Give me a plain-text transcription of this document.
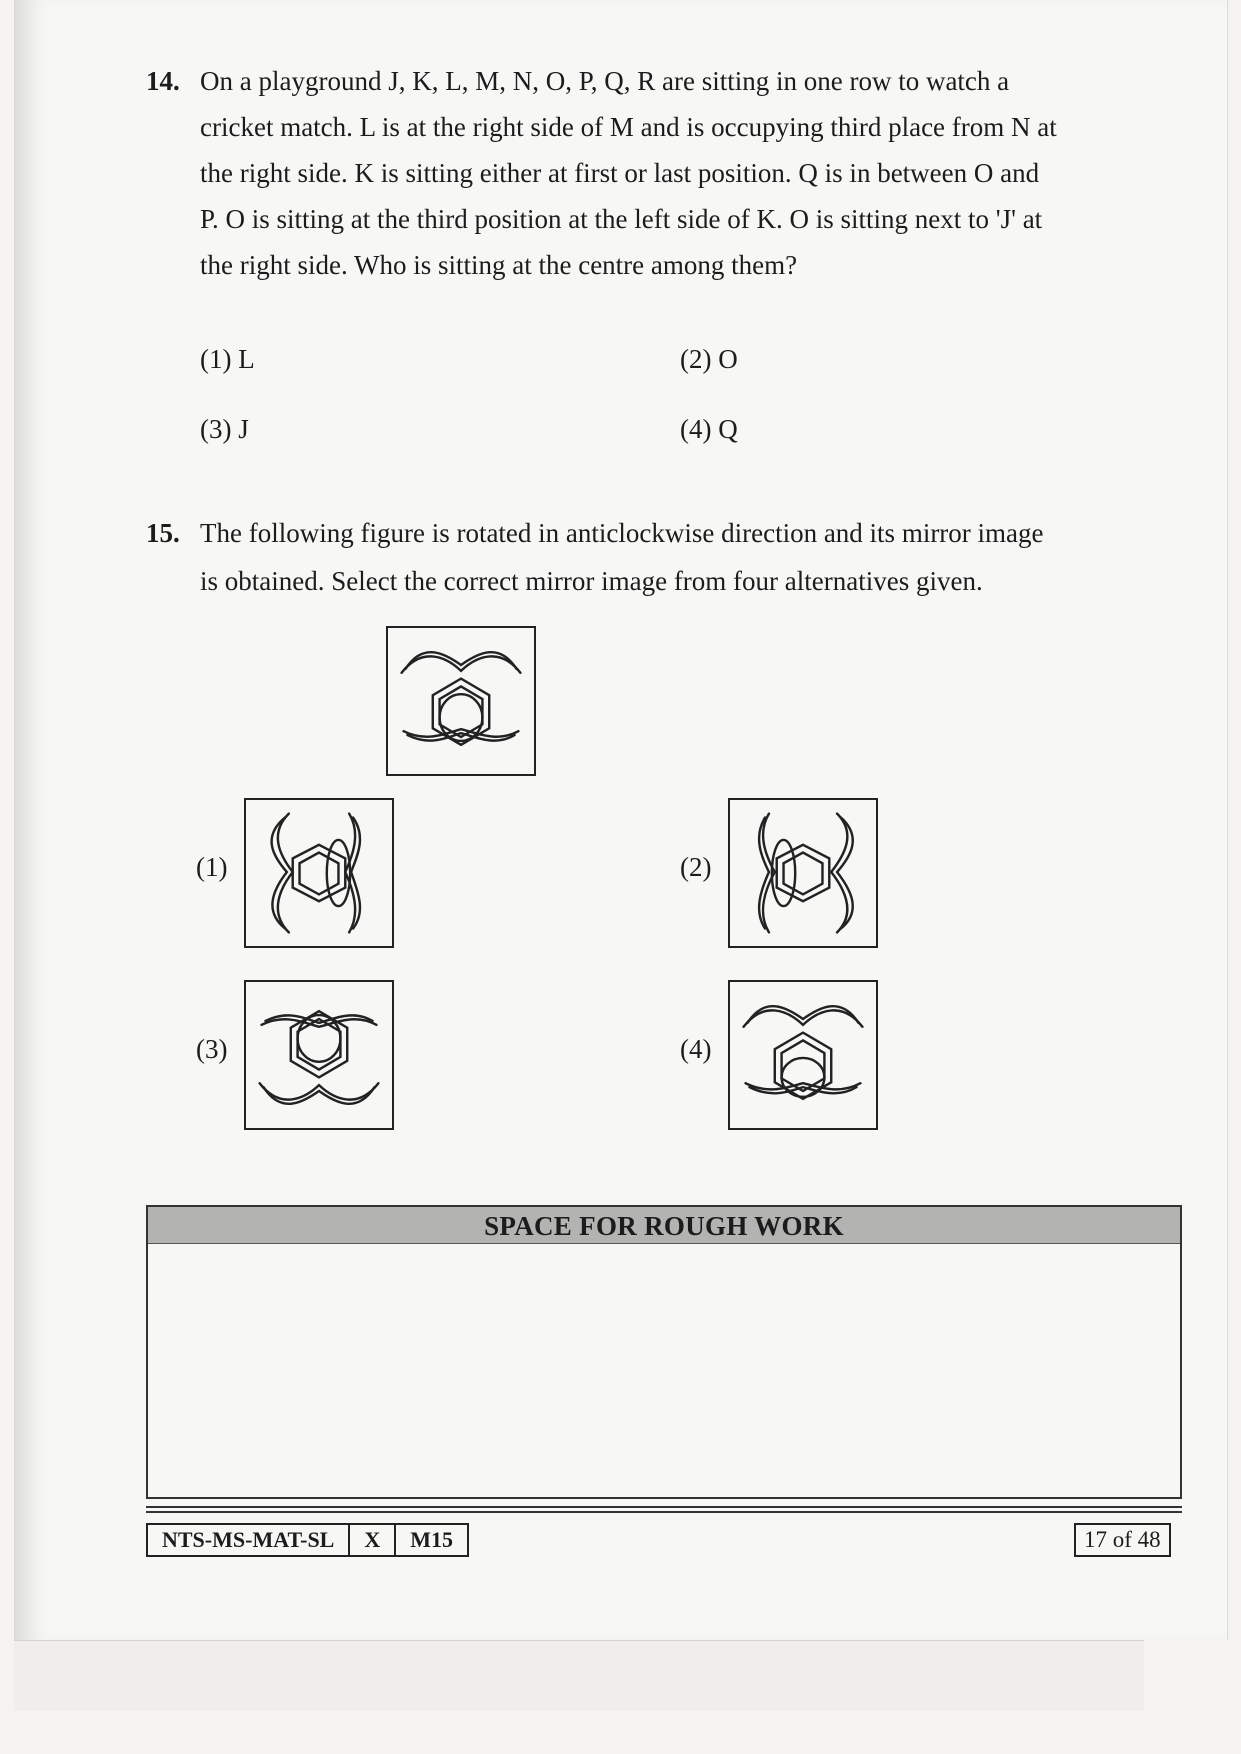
14. On a playground J, K, L, M, N, O, P, Q, R are sitting in one row to watch a
cricket match. L is at the right side of M and is occupying third place from N at
the right side. K is sitting either at first or last position. Q is in between O and
P. O is sitting at the third position at the left side of K. O is sitting next to 'J' at
the right side. Who is sitting at the centre among them?
(1) L	(2) O
(3) J	(4) Q
15. The following figure is rotated in anticlockwise direction and its mirror image
is obtained. Select the correct mirror image from four alternatives given.
(1)	(2)
(3)	(4)
SPACE FOR ROUGH WORK
NTS-MS-MAT-SL	X	M15	17 of 48
